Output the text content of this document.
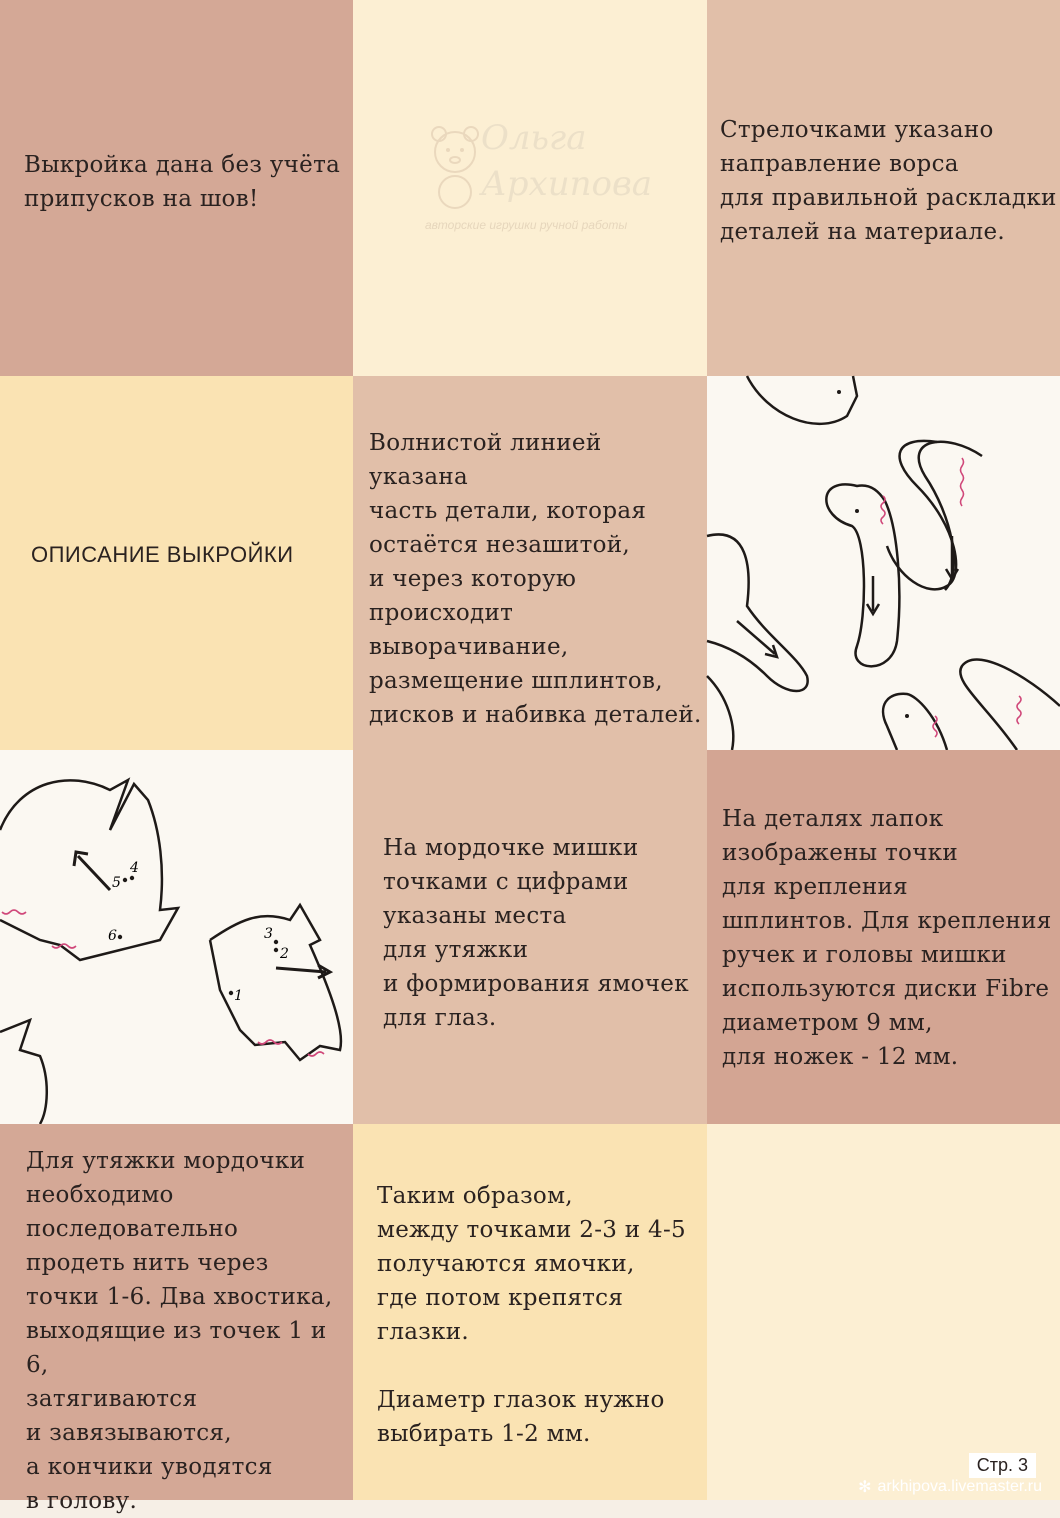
Выкройка дана без учёта
припусков на шов!
Ольга
Архипова
авторские игрушки ручной работы
Стрелочками указано
направление ворса
для правильной раскладки
деталей на материале.
ОПИСАНИЕ ВЫКРОЙКИ
Волнистой линией указана
часть детали, которая
остаётся незашитой,
и через которую
происходит
выворачивание,
размещение шплинтов,
дисков и набивка деталей.
На мордочке мишки
точками с цифрами
указаны места
для утяжки
и формирования ямочек
для глаз.
5
4
6	3
2
1
На деталях лапок
изображены точки
для крепления
шплинтов. Для крепления
ручек и головы мишки
используются диски Fibre
диаметром 9 мм,
для ножек - 12 мм.
Для утяжки мордочки
необходимо
последовательно
продеть нить через
точки 1-6. Два хвостика,
выходящие из точек 1 и 6,
затягиваются
и завязываются,
а кончики уводятся
в голову.
Таким образом,
между точками 2-3 и 4-5
получаются ямочки,
где потом крепятся
глазки.

Диаметр глазок нужно
выбирать 1-2 мм.
Стр. 3
✻ arkhipova.livemaster.ru
